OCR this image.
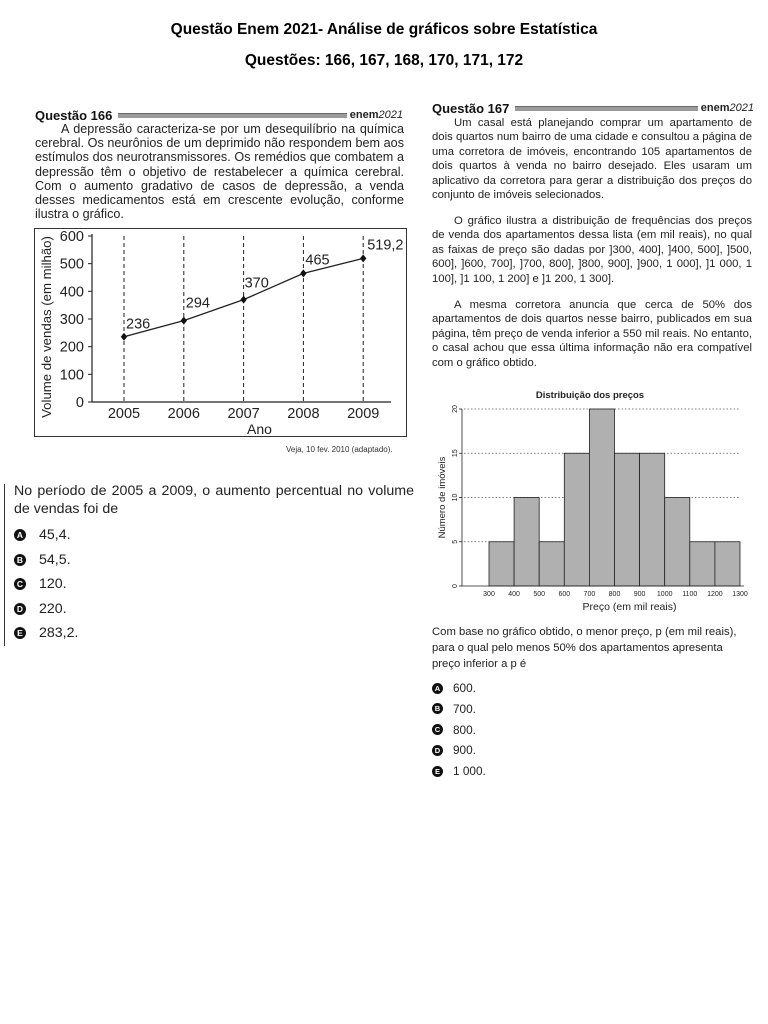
Questão Enem 2021- Análise de gráficos sobre Estatística
Questões: 166, 167, 168, 170, 171, 172
Questão 166	enem2021
A depressão caracteriza-se por um desequilíbrio na química cerebral. Os neurônios de um deprimido não respondem bem aos estímulos dos neurotransmissores. Os remédios que combatem a depressão têm o objetivo de restabelecer a química cerebral. Com o aumento gradativo de casos de depressão, a venda desses medicamentos está em crescente evolução, conforme ilustra o gráfico.
0
100
200
300
400
500
600
Volume de vendas (em milhão)	2005 2006 2007 2008 2009
Ano
236
294
370
465
519,2
Veja, 10 fev. 2010 (adaptado).
No período de 2005 a 2009, o aumento percentual no volume de vendas foi de
A 45,4.
B 54,5.
C 120.
D 220.
E 283,2.
Questão 167	enem2021
Um casal está planejando comprar um apartamento de dois quartos num bairro de uma cidade e consultou a página de uma corretora de imóveis, encontrando 105 apartamentos de dois quartos à venda no bairro desejado. Eles usaram um aplicativo da corretora para gerar a distribuição dos preços do conjunto de imóveis selecionados.
O gráfico ilustra a distribuição de frequências dos preços de venda dos apartamentos dessa lista (em mil reais), no qual as faixas de preço são dadas por ]300, 400], ]400, 500], ]500, 600], ]600, 700], ]700, 800], ]800, 900], ]900, 1 000], ]1 000, 1 100], ]1 100, 1 200] e ]1 200, 1 300].
A mesma corretora anuncia que cerca de 50% dos apartamentos de dois quartos nesse bairro, publicados em sua página, têm preço de venda inferior a 550 mil reais. No entanto, o casal achou que essa última informação não era compatível com o gráfico obtido.
Distribuição dos preços
0
5
10
15
20
Número de imóveis
300 400 500 600 700 800 900 1000 1100 1200 1300
Preço (em mil reais)
Com base no gráfico obtido, o menor preço, p (em mil reais), para o qual pelo menos 50% dos apartamentos apresenta preço inferior a p é
A 600.
B 700.
C 800.
D 900.
E 1 000.
